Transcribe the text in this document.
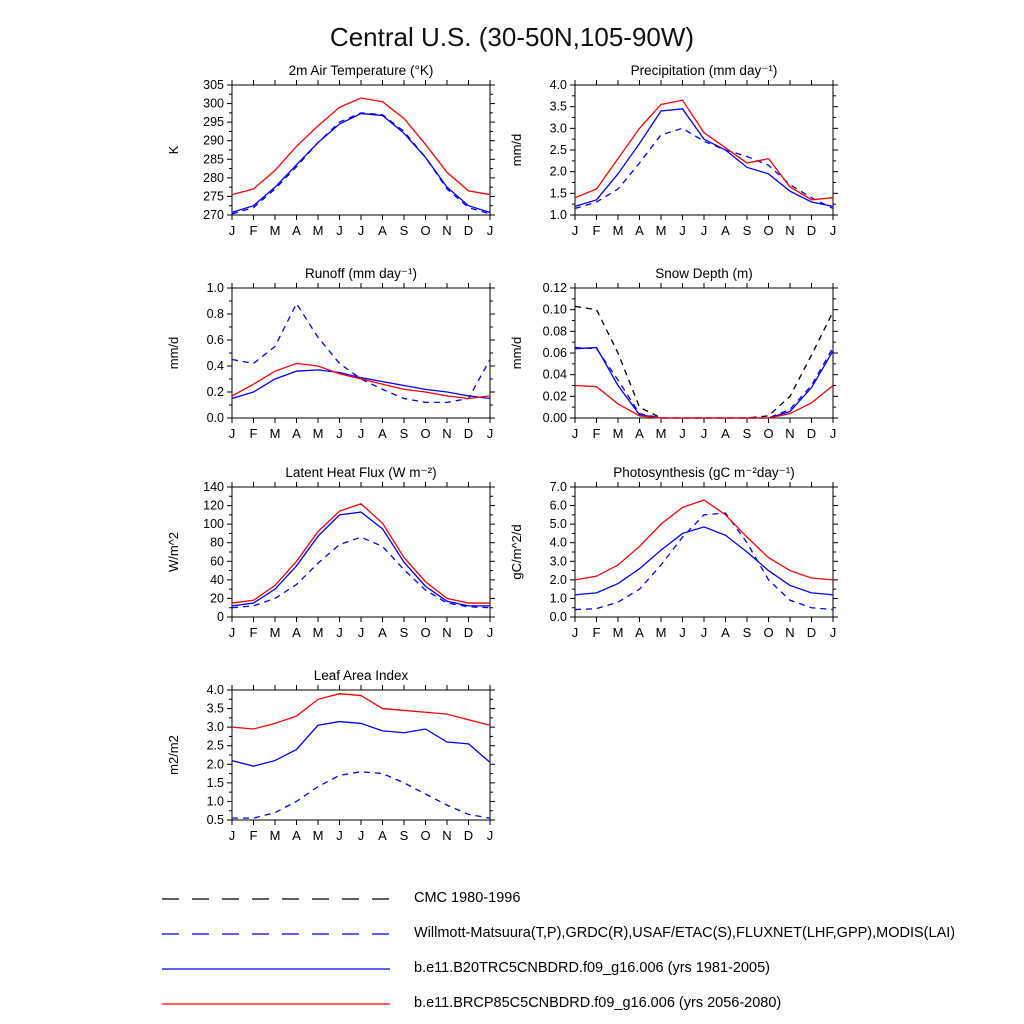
Central U.S. (30-50N,105-90W)
2m Air Temperature (°K)
K
270
275
280
285
290
295
300
305
J F M A M J J A S O N D J
Precipitation (mm day⁻¹)
mm/d
1.0
1.5
2.0
2.5
3.0
3.5
4.0
J F M A M J J A S O N D J
Runoff (mm day⁻¹)
mm/d
0.0
0.2
0.4
0.6
0.8
1.0
J F M A M J J A S O N D J
Snow Depth (m)
mm/d
0.00
0.02
0.04
0.06
0.08
0.10
0.12
J F M A M J J A S O N D J
Latent Heat Flux (W m⁻²)
W/m^2
0
20
40
60
80
100
120
140
J F M A M J J A S O N D J
Photosynthesis (gC m⁻²day⁻¹)
gC/m^2/d
0.0
1.0
2.0
3.0
4.0
5.0
6.0
7.0
J F M A M J J A S O N D J
Leaf Area Index
m2/m2
0.5
1.0
1.5
2.0
2.5
3.0
3.5
4.0
J F M A M J J A S O N D J
CMC 1980-1996
Willmott-Matsuura(T,P),GRDC(R),USAF/ETAC(S),FLUXNET(LHF,GPP),MODIS(LAI)
b.e11.B20TRC5CNBDRD.f09_g16.006 (yrs 1981-2005)
b.e11.BRCP85C5CNBDRD.f09_g16.006 (yrs 2056-2080)
